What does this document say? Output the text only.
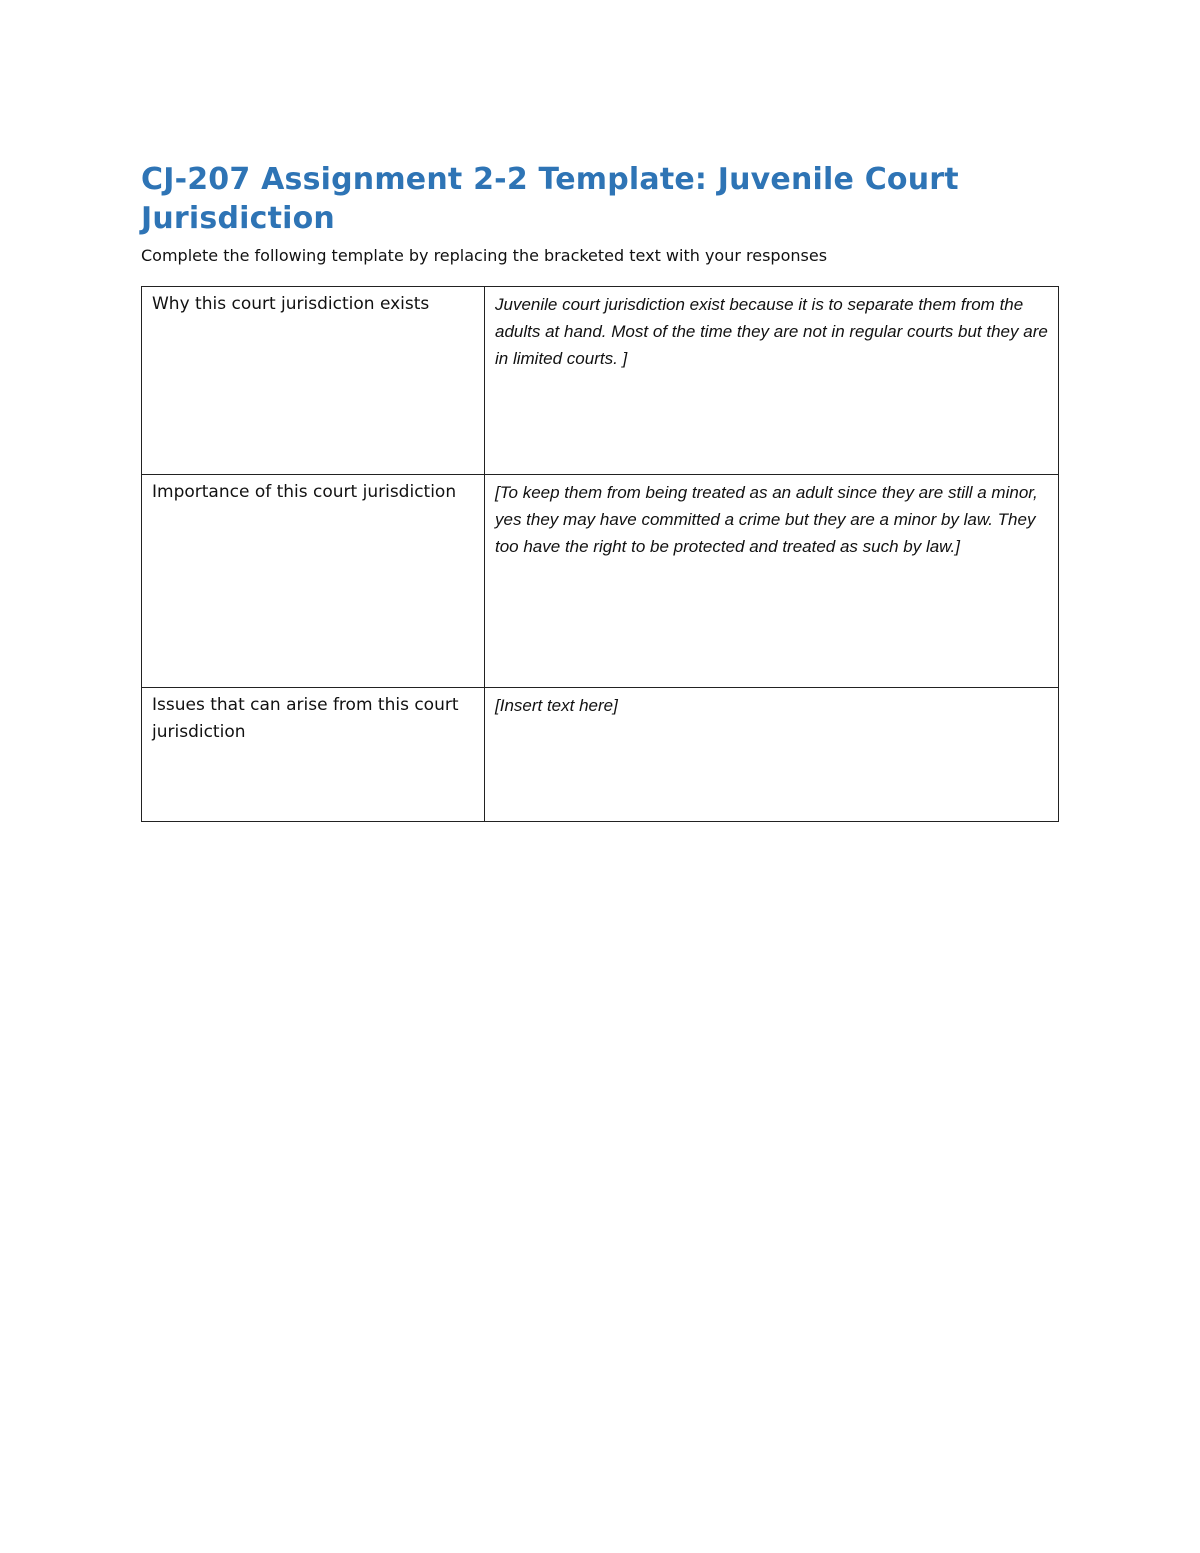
CJ-207 Assignment 2-2 Template: Juvenile Court Jurisdiction

Complete the following template by replacing the bracketed text with your responses

Why this court jurisdiction exists	Juvenile court jurisdiction exist because it is to separate them from the adults at hand. Most of the time they are not in regular courts but they are in limited courts. ]
Importance of this court jurisdiction	[To keep them from being treated as an adult since they are still a minor, yes they may have committed a crime but they are a minor by law. They too have the right to be protected and treated as such by law.]
Issues that can arise from this court jurisdiction	[Insert text here]
